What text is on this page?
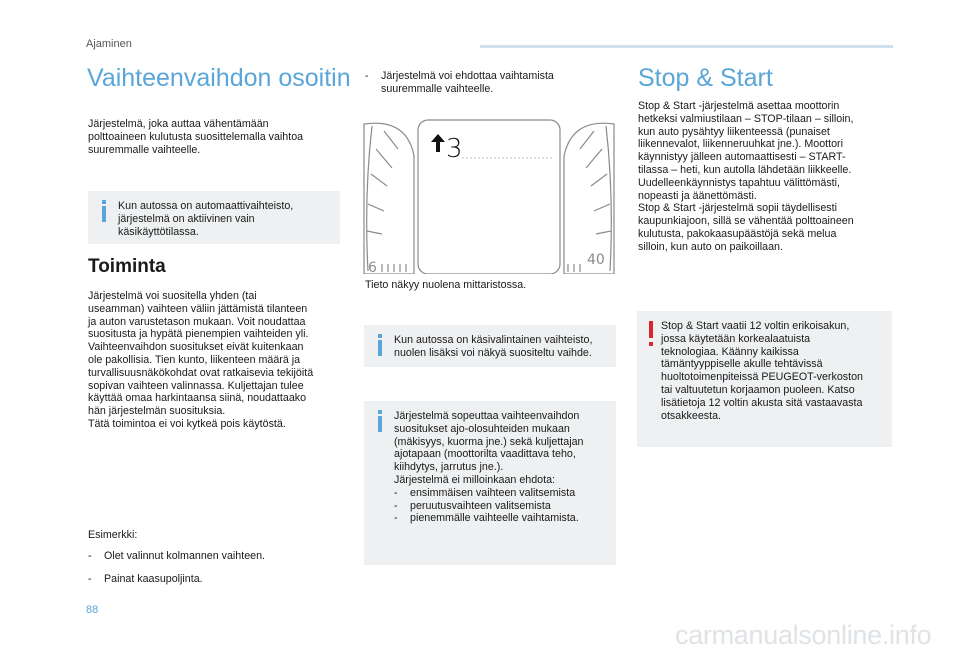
Ajaminen
Vaihteenvaihdon osoitin
Järjestelmä, joka auttaa vähentämään
polttoaineen kulutusta suosittelemalla vaihtoa
suuremmalle vaihteelle.
Kun autossa on automaattivaihteisto,
järjestelmä on aktiivinen vain
käsikäyttötilassa.
Toiminta
Järjestelmä voi suositella yhden (tai
useamman) vaihteen väliin jättämistä tilanteen
ja auton varustetason mukaan. Voit noudattaa
suositusta ja hypätä pienempien vaihteiden yli.
Vaihteenvaihdon suositukset eivät kuitenkaan
ole pakollisia. Tien kunto, liikenteen määrä ja
turvallisuusnäkökohdat ovat ratkaisevia tekijöitä
sopivan vaihteen valinnassa. Kuljettajan tulee
käyttää omaa harkintaansa siinä, noudattaako
hän järjestelmän suosituksia.
Tätä toimintoa ei voi kytkeä pois käytöstä.
Esimerkki:
- Olet valinnut kolmannen vaihteen.
- Painat kaasupoljinta.
- Järjestelmä voi ehdottaa vaihtamista
suuremmalle vaihteelle.
6	40
3
Tieto näkyy nuolena mittaristossa.
Kun autossa on käsivalintainen vaihteisto,
nuolen lisäksi voi näkyä suositeltu vaihde.
Järjestelmä sopeuttaa vaihteenvaihdon
suositukset ajo-olosuhteiden mukaan
(mäkisyys, kuorma jne.) sekä kuljettajan
ajotapaan (moottorilta vaadittava teho,
kiihdytys, jarrutus jne.).
Järjestelmä ei milloinkaan ehdota:
- ensimmäisen vaihteen valitsemista
- peruutusvaihteen valitsemista
- pienemmälle vaihteelle vaihtamista.
Stop & Start
Stop & Start -järjestelmä asettaa moottorin
hetkeksi valmiustilaan – STOP-tilaan – silloin,
kun auto pysähtyy liikenteessä (punaiset
liikennevalot, liikenneruuhkat jne.). Moottori
käynnistyy jälleen automaattisesti – START-
tilassa – heti, kun autolla lähdetään liikkeelle.
Uudelleenkäynnistys tapahtuu välittömästi,
nopeasti ja äänettömästi.
Stop & Start -järjestelmä sopii täydellisesti
kaupunkiajoon, sillä se vähentää polttoaineen
kulutusta, pakokaasupäästöjä sekä melua
silloin, kun auto on paikoillaan.
Stop & Start vaatii 12 voltin erikoisakun,
jossa käytetään korkealaatuista
teknologiaa. Käänny kaikissa
tämäntyyppiselle akulle tehtävissä
huoltotoimenpiteissä PEUGEOT-verkoston
tai valtuutetun korjaamon puoleen. Katso
lisätietoja 12 voltin akusta sitä vastaavasta
otsakkeesta.
88
carmanualsonline.info
